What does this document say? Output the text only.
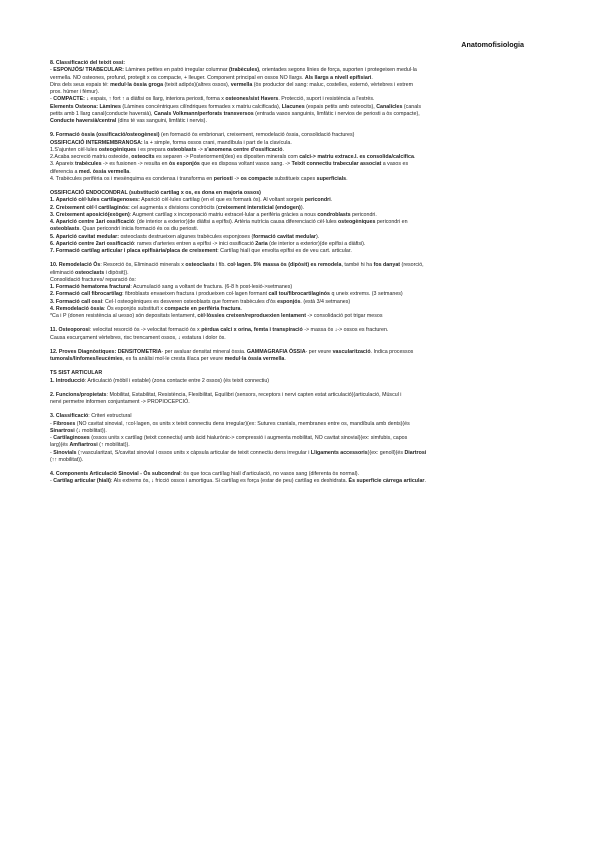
Anatomofisiologia

8. Classificació del teixit ossi:

- ESPONJÓS/ TRABECULAR: Làmines petites en patró irregular columnar (trabècules), orientades segons línies de força, suporten i protegeixen medul·la

vermella. NO osteones, profund, protegit x os compacte, + lleuger. Component principal en ossos NO llargs. Als llargs a nivell epífisiari.

Dins dels seus espais té: medul·la òssia groga (teixit adipós)(altres ossos), vermella (òs productor del sang: maluc, costelles, esternó, vèrtebres i extrem

prox. húmer i fèmur).

- COMPACTE: ↓ espais, ↑ fort ↑ a diàfisi os llarg, interiora periosti, forma x osteones/sist Havers. Protecció, suport i resistència a l'estrès.

Elements Osteona: Làmines (Làmines concèntriques cilíndriques formades x matriu calcificada), Llacunes (espais petits amb osteocits), Canalícles (canals

petits amb 1 llarg canal(conducte haversià), Canals Volkmann/perforats transversos (entrada vasos sanguinis, limfàtic i nervios de periosti a òs compacte),

Conducte haversià/central (dins té vas sanguini, limfàtic i nervis).

9. Formació òssia (ossificació/osteogènesi) (en formació òs embrionari, creixement, remodelació òssia, consolidació fractures)

OSSIFICACIÓ INTERMEMBRANOSA: la + simple, forma ossos crani, mandíbula i part de la clavícula.

1.S'ajunten cèl·lules osteogèniques i es prepara osteoblasts -> s'anomena centre d'ossificació.

2.Acaba secreció matriu osteoide, osteocits es separen -> Posteriorment(des) es dipositen minerals com calci-> matriu extrace.l. es consolida/calcifica.

3. Apareix trabècules -> es fusionen -> resulta en òs esponjós que es disposa voltant vasos sang. -> Teixit connectiu trabecular associat a vasos es

diferencia a med. òssia vermella.

4. Trabècules perifèria os i mesènquima es condensa i transforma en periosti -> os compacte substitueix capes superficials.

OSSIFICACIÓ ENDOCONDRAL (substitució cartílag x os, es dona en majoria ossos)

1. Aparició cèl·lules cartilagenoses: Aparició cèl·lules cartilag (en el que es formarà òs). Al voltant sorgeix pericondri.

2. Creixement cèl·l cartilaginós: cel augmenta x divisions condròcits (creixement intersticial (endogen)).

3. Creixement aposició(exògen): Augment cartílag x incorporació matriu extracel·lular a perifèria gràcies a nous condroblasts pericondri.

4. Aparició centre 1ari ossificació: (de interior a exterior)(de diàfisi a epífisi). Artèria nutrícia causa diferenciació cèl·lules osteogèniques pericondri en

osteoblasts. Quan pericondri inicia formació és os diu periosti.

5. Aparició cavitat medular: osteoclasts destrueixen algunes trabècules esponjoses (formació cavitat medular).

6. Aparició centre 2ari ossificació: rames d'arteries entren a epífisi -> inici ossificació 2aria (de interior a exterior)(de epífisi a diàfisi).

7. Formació cartílag articular i placa epifisària/placa de creixement: Cartílag hialí que envolta epífisi es de veu cart. articular.

10. Remodelació Òs: Resorció òs, Eliminació minerals x osteoclasts i fib. col·lagen. 5% massa òs (dipòsit) es remodela, també hi ha fos danyat (resorció,

eliminació osteoclasts i dipòsit)).

Consolidació fractures/ reparació òs:

1. Formació hematoma fractural: Acumulació sang a voltant de fractura. (6-8 h post-lesió->setmanes)

2. Formació call fibrocartílag: fibroblasts envaeixen fractura i produeixen col·lagen formant call tou/fibrocartilaginós q uneix extrems. (3 setmanes)

3. Formació call ossi: Cel·l osteogèniques es desveren osteoblasts que formen trabècules d'òs esponjós. (està 3/4 setmanes)

4. Remodelació òssia: Òs esponjós substituït x compacte en perifèria fractura.

*Ca i P (donen resistència al uesso) són depositats lentament, cèl·lòssies creixen/reproduexien lentament -> consolidació pot trigar mesos

11. Osteoporosi: velocitat resorció òs -> velocitat formació òs x pèrdua calci x orina, femta i transpiració -> massa òs ↓-> ossos es fracturen.

Causa escurçament vèrtebres, risc trencament ossos, ↓ estatura i dolor òs.

12. Proves Diagnòstiques: DENSITOMETRIA- per avaluar densitat mineral òssia. GAMMAGRAFIA ÒSSIA- per veure vascularització. Indica processos

tumorals/linfomes/leucèmies, es fa anàlisi mol·le cresta ilíaca per veure medul·la òssia vermella.

TS SIST ARTICULAR

1. Introducció: Articulació (mòbil i estable) (zona contacte entre 2 ossos) (és teixit connectiu)

2. Funcions/propietats: Mobilitat, Estabilitat, Resistència, Flexibilitat, Equilibri (sensors, receptors i nervi capten estat articulació)(articulació, Múscul i

nervi permetre informen conjuntament -> PROPIOCEPCIÓ.

3. Classificació: Criteri estructural

- Fibroses (NO cavitat sinovial, ↑col·lagen, os units x teixit connectiu dens irregular)(ex: Sutures cranials, membranes entre os, mandíbula amb dents)(és

Sinartrosi (↓ mobilitat)).

- Cartilaginoses (ossos units x cartílag (teixit connectiu) amb àcid hialurònic-> compressió i augmenta mobilitat, NO cavitat sinovial)(ex: simfubis, capos

larg)(és Amfiartrosi (↑ mobilitat)).

- Sinovials (↑vascularitzat, S/cavitat sinovial i ossos units x càpsula articular de teixit connectiu dens irregular i Lligaments accessoris)(ex: genoll)(és Diartrosi

(↑↑ mobilitat)).

4. Components Articulació Sinovial - Òs subcondral: òs que toca cartílag hialí d'articulació, no vasos sang (diferenta òs normal).

- Cartílag articular (hialí): Als extrems òs, ↓ fricció ossos i amortigua. Si cartílag es força (estar de peu) cartílag es deshidrata. És superfície càrrega articular.
